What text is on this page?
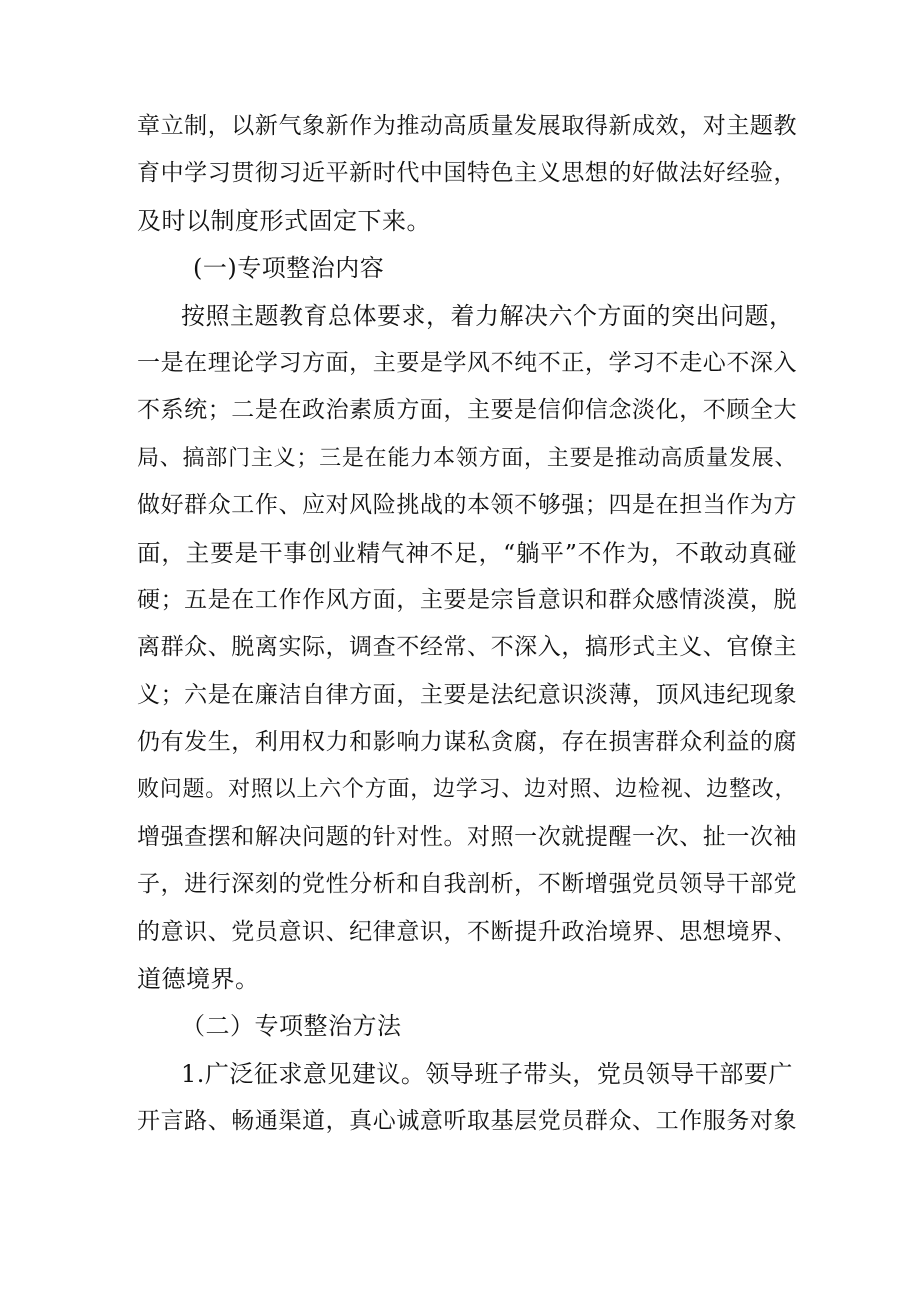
章立制，以新气象新作为推动高质量发展取得新成效，对主题教
育中学习贯彻习近平新时代中国特色主义思想的好做法好经验，
及时以制度形式固定下来。
(一)专项整治内容
按照主题教育总体要求，着力解决六个方面的突出问题，
一是在理论学习方面，主要是学风不纯不正，学习不走心不深入
不系统；二是在政治素质方面，主要是信仰信念淡化，不顾全大
局、搞部门主义；三是在能力本领方面，主要是推动高质量发展、
做好群众工作、应对风险挑战的本领不够强；四是在担当作为方
面，主要是干事创业精气神不足，“躺平”不作为，不敢动真碰
硬；五是在工作作风方面，主要是宗旨意识和群众感情淡漠，脱
离群众、脱离实际，调查不经常、不深入，搞形式主义、官僚主
义；六是在廉洁自律方面，主要是法纪意识淡薄，顶风违纪现象
仍有发生，利用权力和影响力谋私贪腐，存在损害群众利益的腐
败问题。对照以上六个方面，边学习、边对照、边检视、边整改，
增强查摆和解决问题的针对性。对照一次就提醒一次、扯一次袖
子，进行深刻的党性分析和自我剖析，不断增强党员领导干部党
的意识、党员意识、纪律意识，不断提升政治境界、思想境界、
道德境界。
（二）专项整治方法
1.广泛征求意见建议。领导班子带头，党员领导干部要广
开言路、畅通渠道，真心诚意听取基层党员群众、工作服务对象
